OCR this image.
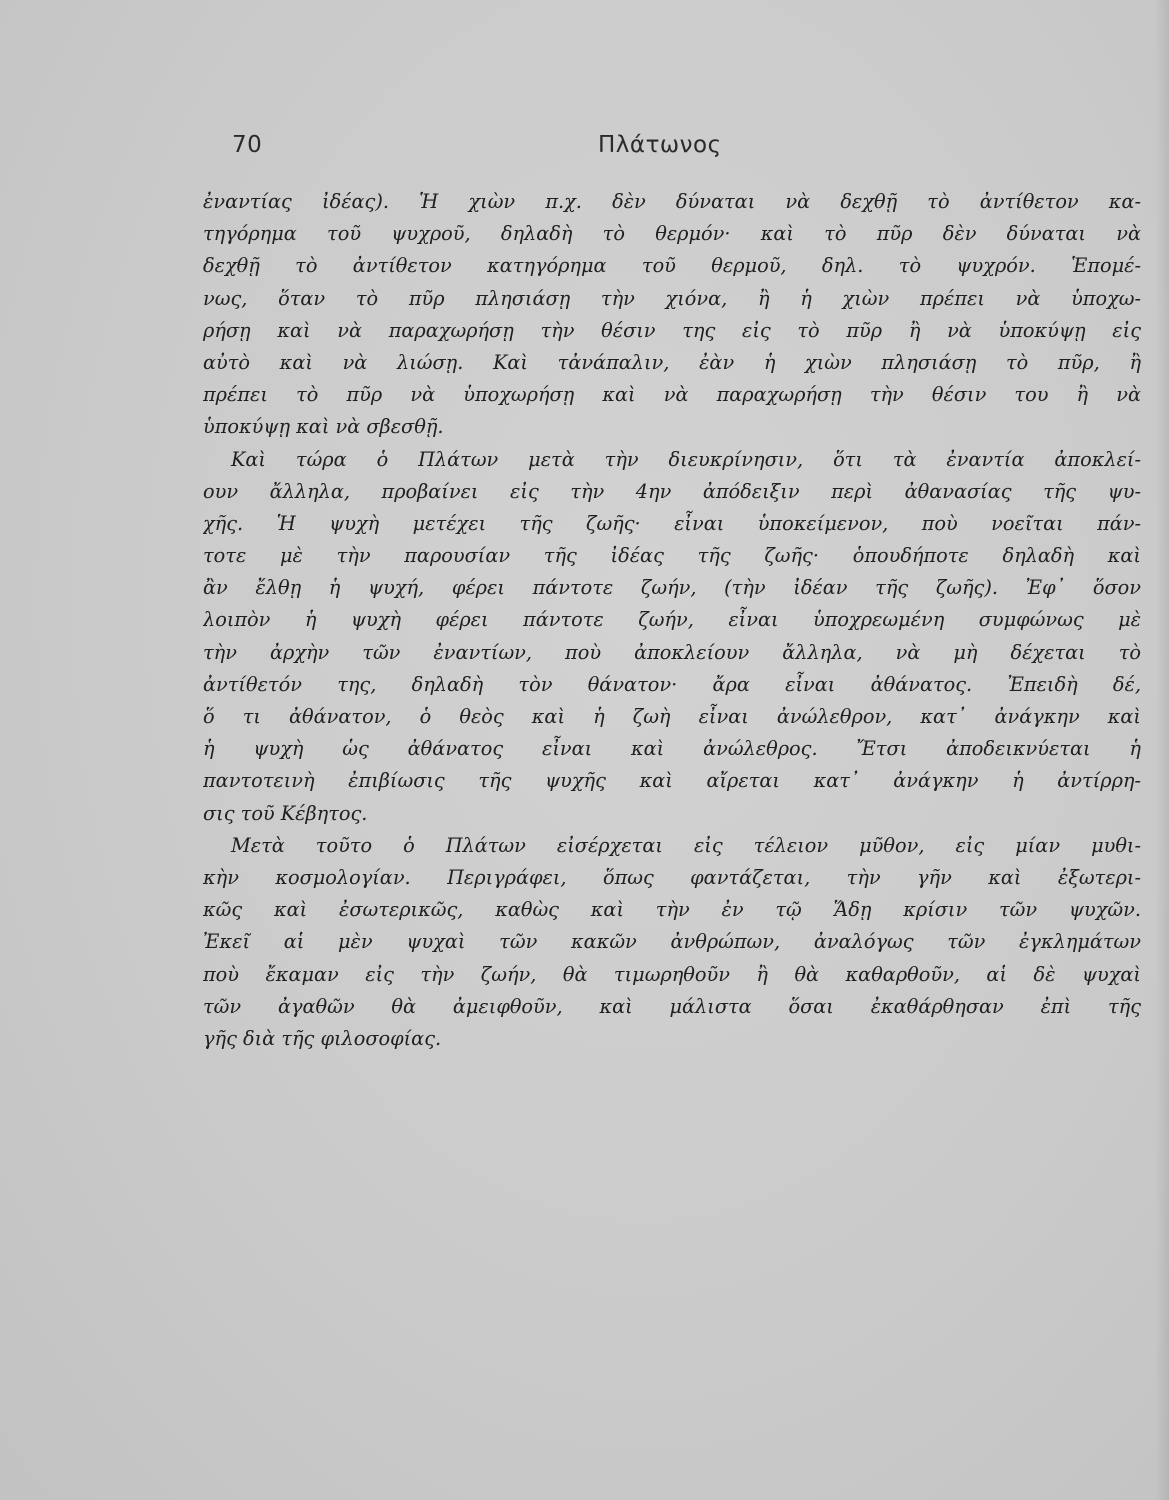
70	Πλάτωνος
ἐναντίας ἰδέας). Ἡ χιὼν π.χ. δὲν δύναται νὰ δεχθῇ τὸ ἀντίθετον κα-
τηγόρημα τοῦ ψυχροῦ, δηλαδὴ τὸ θερμόν· καὶ τὸ πῦρ δὲν δύναται νὰ
δεχθῇ τὸ ἀντίθετον κατηγόρημα τοῦ θερμοῦ, δηλ. τὸ ψυχρόν. Ἑπομέ-
νως, ὅταν τὸ πῦρ πλησιάσῃ τὴν χιόνα, ἢ ἡ χιὼν πρέπει νὰ ὑποχω-
ρήσῃ καὶ νὰ παραχωρήσῃ τὴν θέσιν της εἰς τὸ πῦρ ἢ νὰ ὑποκύψῃ εἰς
αὐτὸ καὶ νὰ λιώσῃ. Καὶ τἀνάπαλιν, ἐὰν ἡ χιὼν πλησιάσῃ τὸ πῦρ, ἢ
πρέπει τὸ πῦρ νὰ ὑποχωρήσῃ καὶ νὰ παραχωρήσῃ τὴν θέσιν του ἢ νὰ
ὑποκύψῃ καὶ νὰ σβεσθῇ.
Καὶ τώρα ὁ Πλάτων μετὰ τὴν διευκρίνησιν, ὅτι τὰ ἐναντία ἀποκλεί-
ουν ἄλληλα, προβαίνει εἰς τὴν 4ην ἀπόδειξιν περὶ ἀθανασίας τῆς ψυ-
χῆς. Ἡ ψυχὴ μετέχει τῆς ζωῆς· εἶναι ὑποκείμενον, ποὺ νοεῖται πάν-
τοτε μὲ τὴν παρουσίαν τῆς ἰδέας τῆς ζωῆς· ὁπουδήποτε δηλαδὴ καὶ
ἂν ἔλθῃ ἡ ψυχή, φέρει πάντοτε ζωήν, (τὴν ἰδέαν τῆς ζωῆς). Ἐφ᾽ ὅσον
λοιπὸν ἡ ψυχὴ φέρει πάντοτε ζωήν, εἶναι ὑποχρεωμένη συμφώνως μὲ
τὴν ἀρχὴν τῶν ἐναντίων, ποὺ ἀποκλείουν ἄλληλα, νὰ μὴ δέχεται τὸ
ἀντίθετόν της, δηλαδὴ τὸν θάνατον· ἄρα εἶναι ἀθάνατος. Ἐπειδὴ δέ,
ὅ τι ἀθάνατον, ὁ θεὸς καὶ ἡ ζωὴ εἶναι ἀνώλεθρον, κατ᾽ ἀνάγκην καὶ
ἡ ψυχὴ ὡς ἀθάνατος εἶναι καὶ ἀνώλεθρος. Ἔτσι ἀποδεικνύεται ἡ
παντοτεινὴ ἐπιβίωσις τῆς ψυχῆς καὶ αἴρεται κατ᾽ ἀνάγκην ἡ ἀντίρρη-
σις τοῦ Κέβητος.
Μετὰ τοῦτο ὁ Πλάτων εἰσέρχεται εἰς τέλειον μῦθον, εἰς μίαν μυθι-
κὴν κοσμολογίαν. Περιγράφει, ὅπως φαντάζεται, τὴν γῆν καὶ ἐξωτερι-
κῶς καὶ ἐσωτερικῶς, καθὼς καὶ τὴν ἐν τῷ Ἅδῃ κρίσιν τῶν ψυχῶν.
Ἐκεῖ αἱ μὲν ψυχαὶ τῶν κακῶν ἀνθρώπων, ἀναλόγως τῶν ἐγκλημάτων
ποὺ ἔκαμαν εἰς τὴν ζωήν, θὰ τιμωρηθοῦν ἢ θὰ καθαρθοῦν, αἱ δὲ ψυχαὶ
τῶν ἀγαθῶν θὰ ἀμειφθοῦν, καὶ μάλιστα ὅσαι ἐκαθάρθησαν ἐπὶ τῆς
γῆς διὰ τῆς φιλοσοφίας.
